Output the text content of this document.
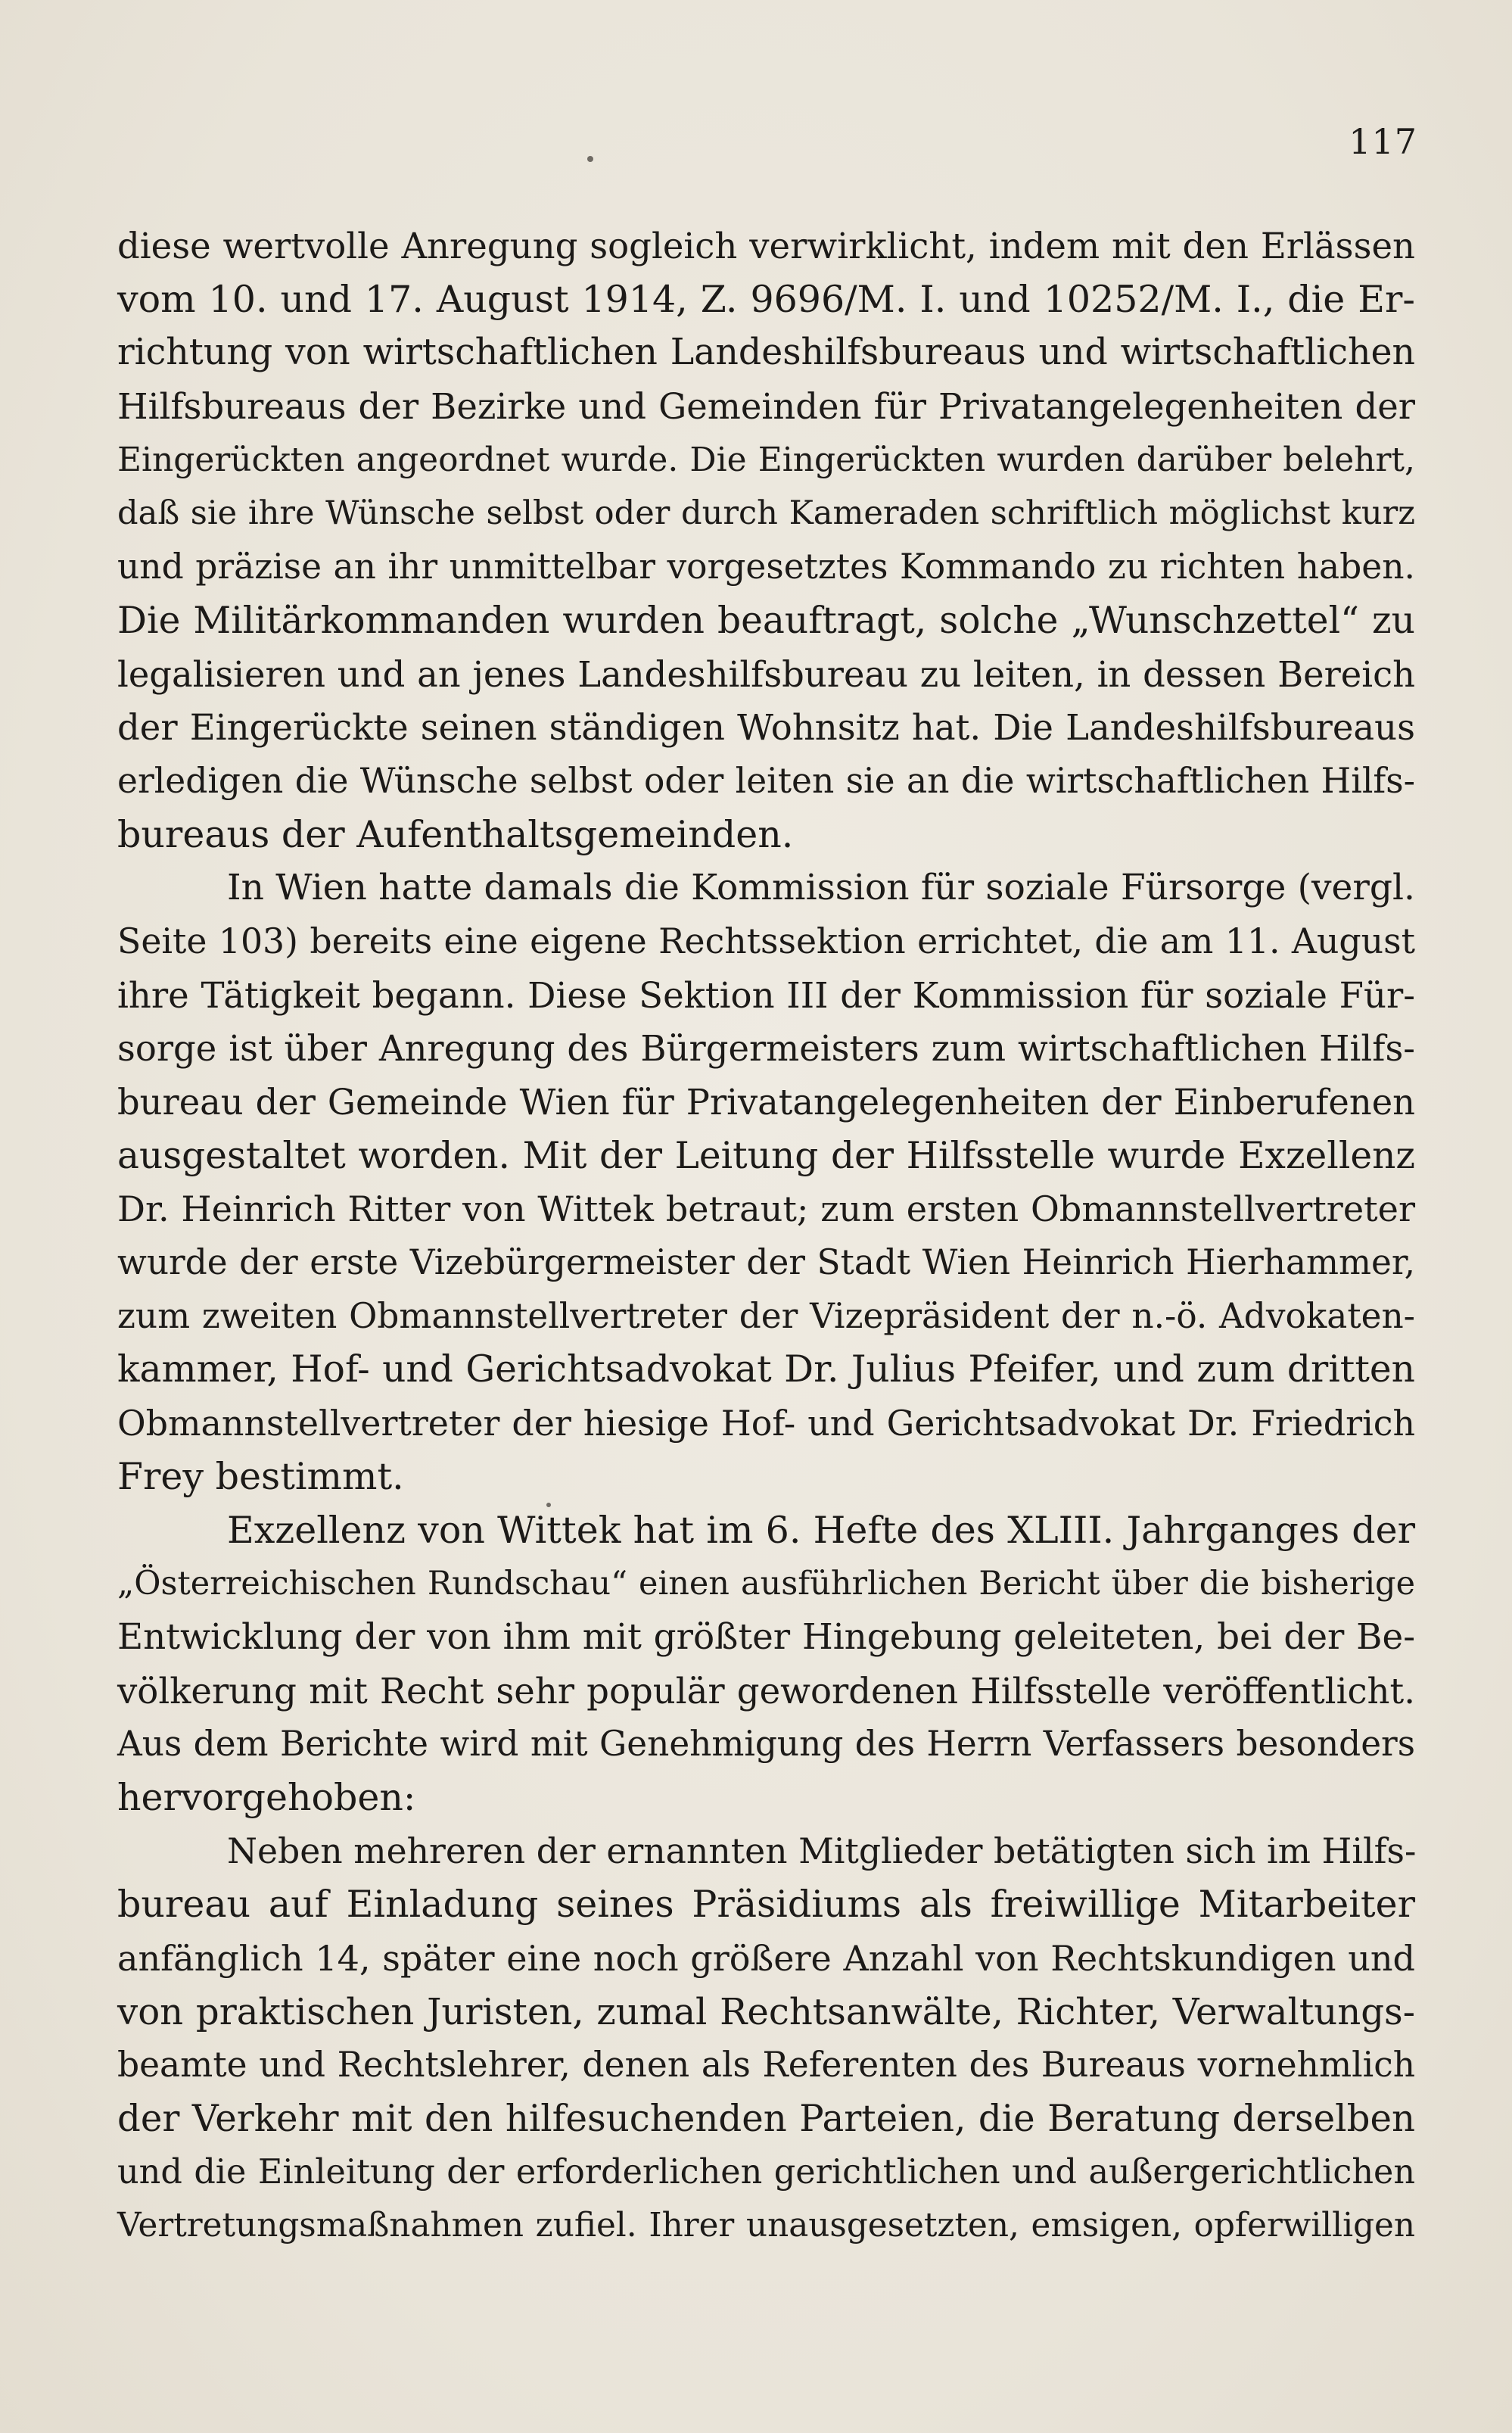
117
diese wertvolle Anregung sogleich verwirklicht, indem mit den Erlässen
vom 10. und 17. August 1914, Z. 9696/M. I. und 10252/M. I., die Er-
richtung von wirtschaftlichen Landeshilfsbureaus und wirtschaftlichen
Hilfsbureaus der Bezirke und Gemeinden für Privatangelegenheiten der
Eingerückten angeordnet wurde. Die Eingerückten wurden darüber belehrt,
daß sie ihre Wünsche selbst oder durch Kameraden schriftlich möglichst kurz
und präzise an ihr unmittelbar vorgesetztes Kommando zu richten haben.
Die Militärkommanden wurden beauftragt, solche „Wunschzettel“ zu
legalisieren und an jenes Landeshilfsbureau zu leiten, in dessen Bereich
der Eingerückte seinen ständigen Wohnsitz hat. Die Landeshilfsbureaus
erledigen die Wünsche selbst oder leiten sie an die wirtschaftlichen Hilfs-
bureaus der Aufenthaltsgemeinden.
In Wien hatte damals die Kommission für soziale Fürsorge (vergl.
Seite 103) bereits eine eigene Rechtssektion errichtet, die am 11. August
ihre Tätigkeit begann. Diese Sektion III der Kommission für soziale Für-
sorge ist über Anregung des Bürgermeisters zum wirtschaftlichen Hilfs-
bureau der Gemeinde Wien für Privatangelegenheiten der Einberufenen
ausgestaltet worden. Mit der Leitung der Hilfsstelle wurde Exzellenz
Dr. Heinrich Ritter von Wittek betraut; zum ersten Obmannstellvertreter
wurde der erste Vizebürgermeister der Stadt Wien Heinrich Hierhammer,
zum zweiten Obmannstellvertreter der Vizepräsident der n.-ö. Advokaten-
kammer, Hof- und Gerichtsadvokat Dr. Julius Pfeifer, und zum dritten
Obmannstellvertreter der hiesige Hof- und Gerichtsadvokat Dr. Friedrich
Frey bestimmt.
Exzellenz von Wittek hat im 6. Hefte des XLIII. Jahrganges der
„Österreichischen Rundschau“ einen ausführlichen Bericht über die bisherige
Entwicklung der von ihm mit größter Hingebung geleiteten, bei der Be-
völkerung mit Recht sehr populär gewordenen Hilfsstelle veröffentlicht.
Aus dem Berichte wird mit Genehmigung des Herrn Verfassers besonders
hervorgehoben:
Neben mehreren der ernannten Mitglieder betätigten sich im Hilfs-
bureau auf Einladung seines Präsidiums als freiwillige Mitarbeiter
anfänglich 14, später eine noch größere Anzahl von Rechtskundigen und
von praktischen Juristen, zumal Rechtsanwälte, Richter, Verwaltungs-
beamte und Rechtslehrer, denen als Referenten des Bureaus vornehmlich
der Verkehr mit den hilfesuchenden Parteien, die Beratung derselben
und die Einleitung der erforderlichen gerichtlichen und außergerichtlichen
Vertretungsmaßnahmen zufiel. Ihrer unausgesetzten, emsigen, opferwilligen
